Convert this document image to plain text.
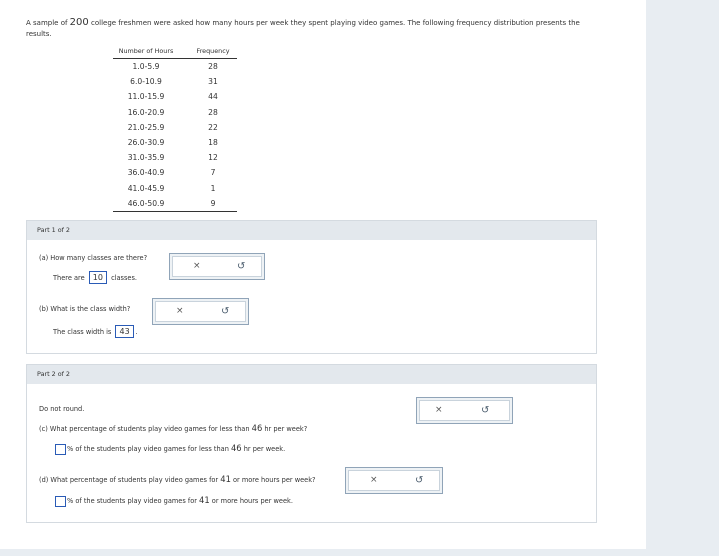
A sample of 200 college freshmen were asked how many hours per week they spent playing video games. The following frequency distribution presents the results.
Number of Hours	Frequency
1.0-5.9	28
6.0-10.9	31
11.0-15.9	44
16.0-20.9	28
21.0-25.9	22
26.0-30.9	18
31.0-35.9	12
36.0-40.9	7
41.0-45.9	1
46.0-50.9	9
Part 1 of 2
(a) How many classes are there?
There are 10 classes.
(b) What is the class width?
The class width is 43 .
×	↺
×	↺
Part 2 of 2
Do not round.
(c) What percentage of students play video games for less than 46 hr per week?
% of the students play video games for less than 46 hr per week.
(d) What percentage of students play video games for 41 or more hours per week?
% of the students play video games for 41 or more hours per week.
×	↺
×	↺
